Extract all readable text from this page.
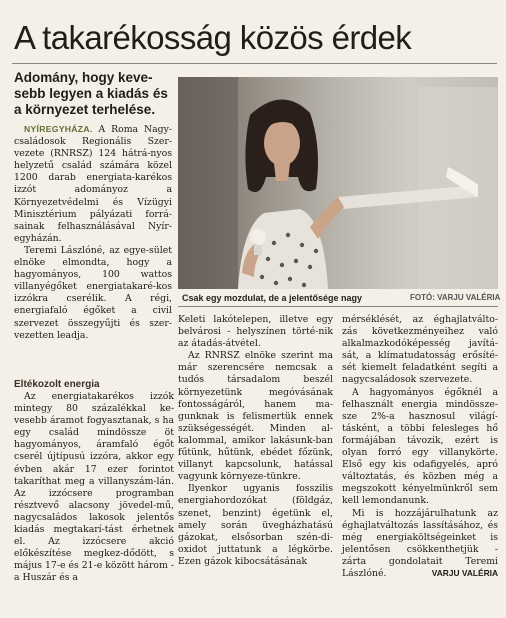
A takarékosság közös érdek

Adomány, hogy keve-sebb legyen a kiadás és a környezet terhelése.

Csak egy mozdulat, de a jelentősége nagy	FOTÓ: VARJU VALÉRIA

NYÍREGYHÁZA. A Roma Nagy-családosok Regionális Szer-vezete (RNRSZ) 124 hátrá-nyos helyzetű család számára közel 1200 darab energiata-karékos izzót adományoz a Környezetvédelmi és Vízügyi Minisztérium pályázati forrá-sainak felhasználásával Nyír-egyházán.

Teremi Lászlóné, az egye-sület elnöke elmondta, hogy a hagyományos, 100 wattos villanyégőket energiatakaré-kos izzókra cserélik. A régi, energiafaló égőket a civil szervezet összegyűjti és szer-vezetten leadja.

Eltékozolt energia

Az energiatakarékos izzók mintegy 80 százalékkal ke-vesebb áramot fogyasztanak, s ha egy család mindössze öt hagyományos, áramfaló égőt cserél újtípusú izzóra, akkor egy évben akár 17 ezer forintot takaríthat meg a villanyszám-lán. Az izzócsere programban résztvevő alacsony jövedel-mű, nagycsaládos lakosok jelentős kiadás megtakarí-tást érhetnek el. Az izzócsere akció előkészítése megkez-dődött, s május 17-e és 21-e között három - a Huszár és a

Keleti lakótelepen, illetve egy belvárosi - helyszínen törté-nik az átadás-átvétel.

Az RNRSZ elnöke szerint ma már szerencsére nemcsak a tudós társadalom beszél környezetünk megóvásának fontosságáról, hanem ma-gunknak is felismertük ennek szükségességét. Minden al-kalommal, amikor lakásunk-ban fűtünk, hűtünk, ebédet főzünk, villanyt kapcsolunk, hatással vagyunk környeze-tünkre.

Ilyenkor ugyanis fosszilis energiahordozókat (földgáz, szenet, benzint) égetünk el, amely során üvegházhatású gázokat, elsősorban szén-di-oxidot juttatunk a légkörbe. Ezen gázok kibocsátásának

mérséklését, az éghajlatválto-zás következményeihez való alkalmazkodóképesség javítá-sát, a klímatudatosság erősíté-sét kiemelt feladatként segíti a nagycsaládosok szervezete.

A hagyományos égőknél a felhasznált energia mindössze-sze 2%-a hasznosul világí-tásként, a többi felesleges hő formájában távozik, ezért is olyan forró egy villanykörte. Első egy kis odafigyelés, apró változtatás, és közben még a megszokott kényelmünkről sem kell lemondanunk.

Mi is hozzájárulhatunk az éghajlatváltozás lassításához, és még energiaköltségeinket is jelentősen csökkenthetjük - zárta gondolatait Teremi Lászlóné.	VARJU VALÉRIA
